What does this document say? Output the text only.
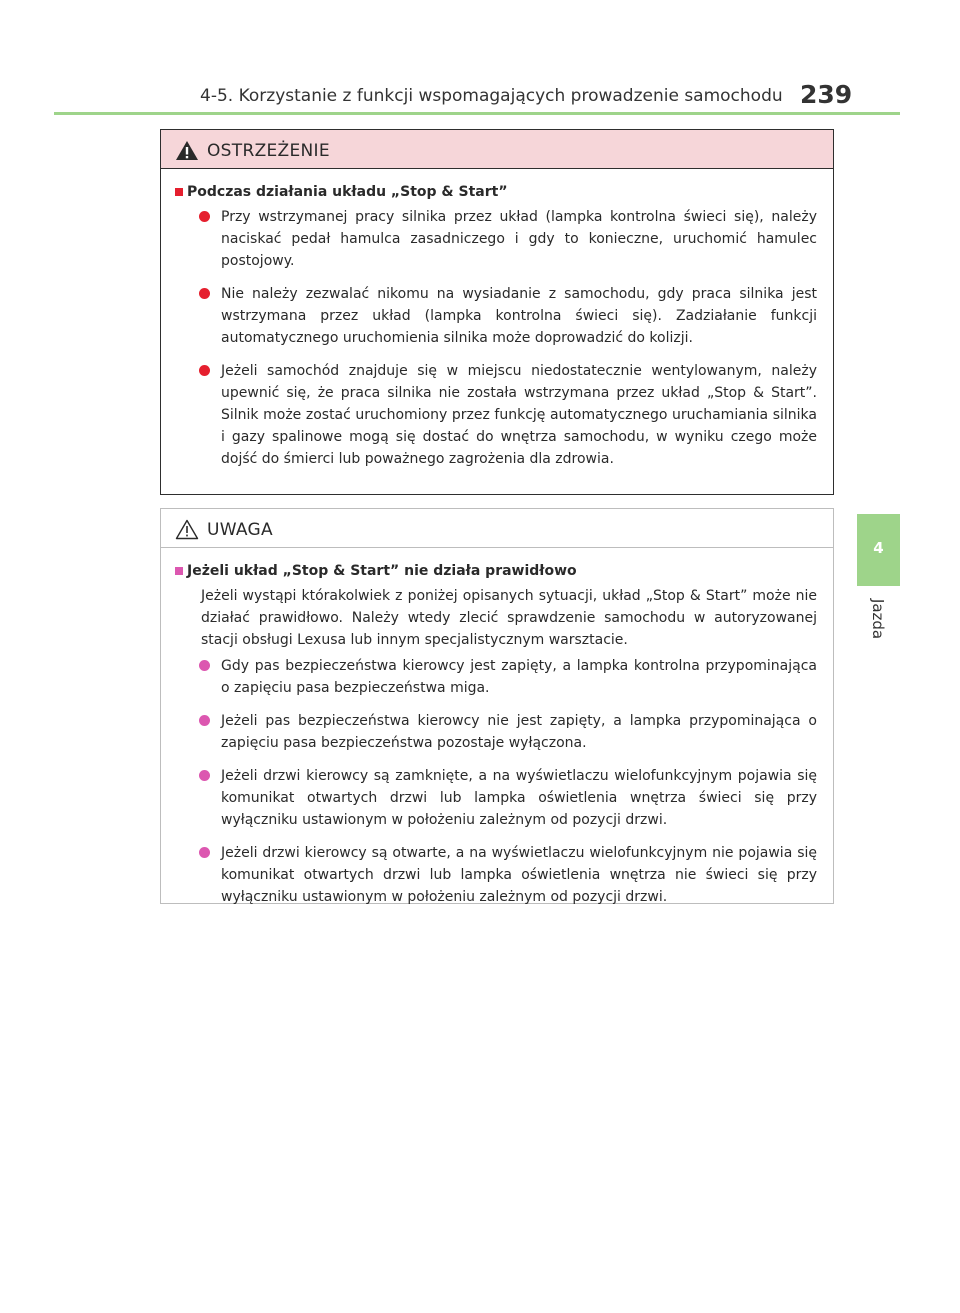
4-5. Korzystanie z funkcji wspomagających prowadzenie samochodu 239
4
Jazda
OSTRZEŻENIE
Podczas działania układu „Stop & Start”
Przy wstrzymanej pracy silnika przez układ (lampka kontrolna świeci się), należy naciskać pedał hamulca zasadniczego i gdy to konieczne, uruchomić hamulec postojowy.
Nie należy zezwalać nikomu na wysiadanie z samochodu, gdy praca silnika jest wstrzymana przez układ (lampka kontrolna świeci się). Zadziałanie funkcji automatycznego uruchomienia silnika może doprowadzić do kolizji.
Jeżeli samochód znajduje się w miejscu niedostatecznie wentylowanym, należy upewnić się, że praca silnika nie została wstrzymana przez układ „Stop & Start”. Silnik może zostać uruchomiony przez funkcję automatycznego uruchamiania silnika i gazy spalinowe mogą się dostać do wnętrza samochodu, w wyniku czego może dojść do śmierci lub poważnego zagrożenia dla zdrowia.
UWAGA
Jeżeli układ „Stop & Start” nie działa prawidłowo

Jeżeli wystąpi którakolwiek z poniżej opisanych sytuacji, układ „Stop & Start” może nie działać prawidłowo. Należy wtedy zlecić sprawdzenie samochodu w autoryzowanej stacji obsługi Lexusa lub innym specjalistycznym warsztacie.

Gdy pas bezpieczeństwa kierowcy jest zapięty, a lampka kontrolna przypominająca o zapięciu pasa bezpieczeństwa miga.
Jeżeli pas bezpieczeństwa kierowcy nie jest zapięty, a lampka przypominająca o zapięciu pasa bezpieczeństwa pozostaje wyłączona.
Jeżeli drzwi kierowcy są zamknięte, a na wyświetlaczu wielofunkcyjnym pojawia się komunikat otwartych drzwi lub lampka oświetlenia wnętrza świeci się przy wyłączniku ustawionym w położeniu zależnym od pozycji drzwi.
Jeżeli drzwi kierowcy są otwarte, a na wyświetlaczu wielofunkcyjnym nie pojawia się komunikat otwartych drzwi lub lampka oświetlenia wnętrza nie świeci się przy wyłączniku ustawionym w położeniu zależnym od pozycji drzwi.
